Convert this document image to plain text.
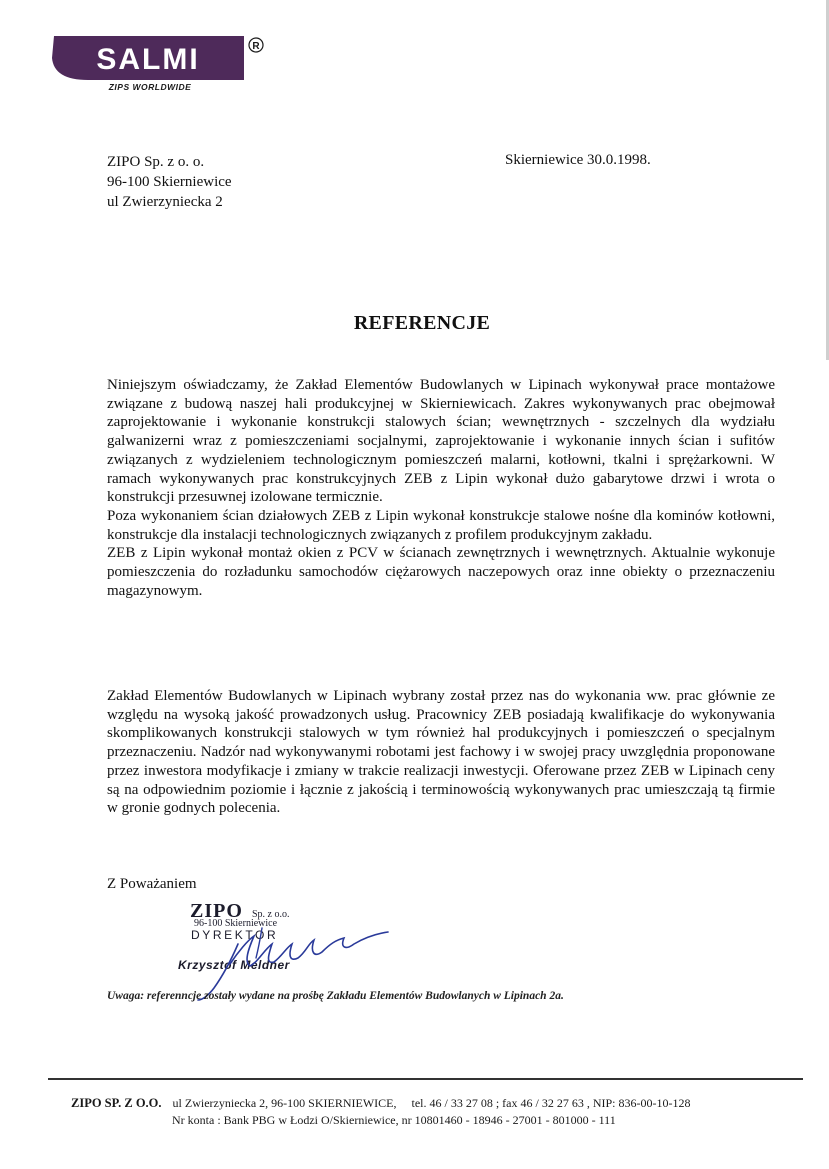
SALMI	R
ZIPS WORLDWIDE
ZIPO Sp. z o. o.
96-100 Skierniewice
ul Zwierzyniecka 2
Skierniewice 30.0.1998.
REFERENCJE

Niniejszym oświadczamy, że Zakład Elementów Budowlanych w Lipinach wykonywał prace montażowe związane z budową naszej hali produkcyjnej w Skierniewicach. Zakres wykonywanych prac obejmował zaprojektowanie i wykonanie konstrukcji stalowych ścian; wewnętrznych - szczelnych dla wydziału galwanizerni wraz z pomieszczeniami socjalnymi, zaprojektowanie i wykonanie innych ścian i sufitów związanych z wydzieleniem technologicznym pomieszczeń malarni, kotłowni, tkalni i sprężarkowni. W ramach wykonywanych prac konstrukcyjnych ZEB z Lipin wykonał dużo gabarytowe drzwi i wrota o konstrukcji przesuwnej izolowane termicznie.

Poza wykonaniem ścian działowych ZEB z Lipin wykonał konstrukcje stalowe nośne dla kominów kotłowni, konstrukcje dla instalacji technologicznych związanych z profilem produkcyjnym zakładu.

ZEB z Lipin wykonał montaż okien z PCV w ścianach zewnętrznych i wewnętrznych. Aktualnie wykonuje pomieszczenia do rozładunku samochodów ciężarowych naczepowych oraz inne obiekty o przeznaczeniu magazynowym.

Zakład Elementów Budowlanych w Lipinach wybrany został przez nas do wykonania ww. prac głównie ze względu na wysoką jakość prowadzonych usług. Pracownicy ZEB posiadają kwalifikacje do wykonywania skomplikowanych konstrukcji stalowych w tym również hal produkcyjnych i pomieszczeń o specjalnym przeznaczeniu. Nadzór nad wykonywanymi robotami jest fachowy i w swojej pracy uwzględnia proponowane przez inwestora modyfikacje i zmiany w trakcie realizacji inwestycji. Oferowane przez ZEB w Lipinach ceny są na odpowiednim poziomie i łącznie z jakością i terminowością wykonywanych prac umieszczają tą firmie w gronie godnych polecenia.

Z Poważaniem
ZIPO Sp. z o.o.
96-100 Skierniewice
DYREKTOR
Krzysztof Meldner
Uwaga: referenncje zostały wydane na prośbę Zakładu Elementów Budowlanych w Lipinach 2a.
ZIPO SP. Z O.O. ul Zwierzyniecka 2, 96-100 SKIERNIEWICE, tel. 46 / 33 27 08 ; fax 46 / 32 27 63 , NIP: 836-00-10-128
Nr konta : Bank PBG w Łodzi O/Skierniewice, nr 10801460 - 18946 - 27001 - 801000 - 111
